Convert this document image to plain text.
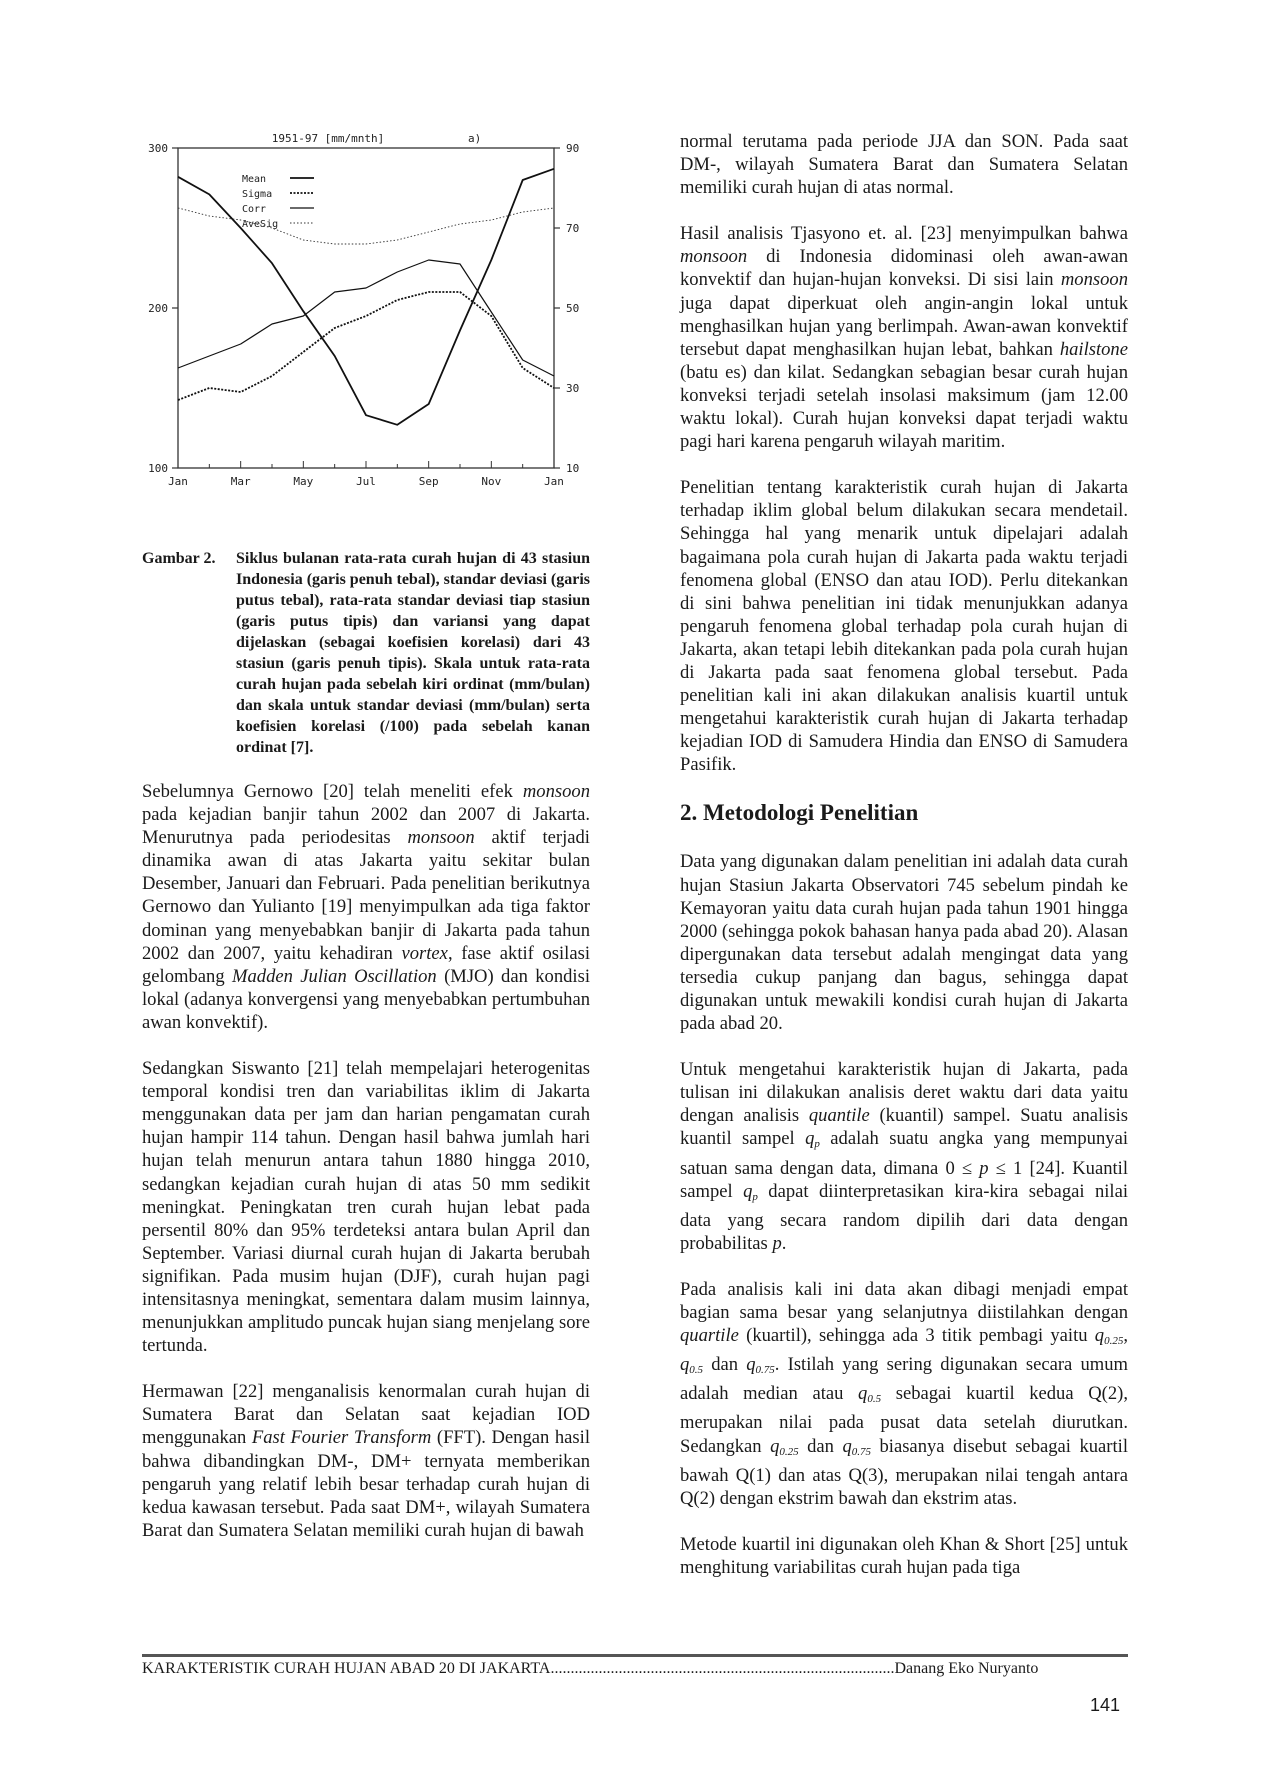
300
200
100
90
70
50
30
10
Jan	Mar	May	Jul	Sep	Nov	Jan
1951-97 [mm/mnth]	a)
Mean
Sigma
Corr
AveSig
Gambar 2.	Siklus bulanan rata-rata curah hujan di 43 stasiun Indonesia (garis penuh tebal), standar deviasi (garis putus tebal), rata-rata standar deviasi tiap stasiun (garis putus tipis) dan variansi yang dapat dijelaskan (sebagai koefisien korelasi) dari 43 stasiun (garis penuh tipis). Skala untuk rata-rata curah hujan pada sebelah kiri ordinat (mm/bulan) dan skala untuk standar deviasi (mm/bulan) serta koefisien korelasi (/100) pada sebelah kanan ordinat [7].

Sebelumnya Gernowo [20] telah meneliti efek monsoon pada kejadian banjir tahun 2002 dan 2007 di Jakarta. Menurutnya pada periodesitas monsoon aktif terjadi dinamika awan di atas Jakarta yaitu sekitar bulan Desember, Januari dan Februari. Pada penelitian berikutnya Gernowo dan Yulianto [19] menyimpulkan ada tiga faktor dominan yang menyebabkan banjir di Jakarta pada tahun 2002 dan 2007, yaitu kehadiran vortex, fase aktif osilasi gelombang Madden Julian Oscillation (MJO) dan kondisi lokal (adanya konvergensi yang menyebabkan pertumbuhan awan konvektif).

Sedangkan Siswanto [21] telah mempelajari heterogenitas temporal kondisi tren dan variabilitas iklim di Jakarta menggunakan data per jam dan harian pengamatan curah hujan hampir 114 tahun. Dengan hasil bahwa jumlah hari hujan telah menurun antara tahun 1880 hingga 2010, sedangkan kejadian curah hujan di atas 50 mm sedikit meningkat. Peningkatan tren curah hujan lebat pada persentil 80% dan 95% terdeteksi antara bulan April dan September. Variasi diurnal curah hujan di Jakarta berubah signifikan. Pada musim hujan (DJF), curah hujan pagi intensitasnya meningkat, sementara dalam musim lainnya, menunjukkan amplitudo puncak hujan siang menjelang sore tertunda.

Hermawan [22] menganalisis kenormalan curah hujan di Sumatera Barat dan Selatan saat kejadian IOD menggunakan Fast Fourier Transform (FFT). Dengan hasil bahwa dibandingkan DM-, DM+ ternyata memberikan pengaruh yang relatif lebih besar terhadap curah hujan di kedua kawasan tersebut. Pada saat DM+, wilayah Sumatera Barat dan Sumatera Selatan memiliki curah hujan di bawah

normal terutama pada periode JJA dan SON. Pada saat DM-, wilayah Sumatera Barat dan Sumatera Selatan memiliki curah hujan di atas normal.

Hasil analisis Tjasyono et. al. [23] menyimpulkan bahwa monsoon di Indonesia didominasi oleh awan-awan konvektif dan hujan-hujan konveksi. Di sisi lain monsoon juga dapat diperkuat oleh angin-angin lokal untuk menghasilkan hujan yang berlimpah. Awan-awan konvektif tersebut dapat menghasilkan hujan lebat, bahkan hailstone (batu es) dan kilat. Sedangkan sebagian besar curah hujan konveksi terjadi setelah insolasi maksimum (jam 12.00 waktu lokal). Curah hujan konveksi dapat terjadi waktu pagi hari karena pengaruh wilayah maritim.

Penelitian tentang karakteristik curah hujan di Jakarta terhadap iklim global belum dilakukan secara mendetail. Sehingga hal yang menarik untuk dipelajari adalah bagaimana pola curah hujan di Jakarta pada waktu terjadi fenomena global (ENSO dan atau IOD). Perlu ditekankan di sini bahwa penelitian ini tidak menunjukkan adanya pengaruh fenomena global terhadap pola curah hujan di Jakarta, akan tetapi lebih ditekankan pada pola curah hujan di Jakarta pada saat fenomena global tersebut. Pada penelitian kali ini akan dilakukan analisis kuartil untuk mengetahui karakteristik curah hujan di Jakarta terhadap kejadian IOD di Samudera Hindia dan ENSO di Samudera Pasifik.

2. Metodologi Penelitian

Data yang digunakan dalam penelitian ini adalah data curah hujan Stasiun Jakarta Observatori 745 sebelum pindah ke Kemayoran yaitu data curah hujan pada tahun 1901 hingga 2000 (sehingga pokok bahasan hanya pada abad 20). Alasan dipergunakan data tersebut adalah mengingat data yang tersedia cukup panjang dan bagus, sehingga dapat digunakan untuk mewakili kondisi curah hujan di Jakarta pada abad 20.

Untuk mengetahui karakteristik hujan di Jakarta, pada tulisan ini dilakukan analisis deret waktu dari data yaitu dengan analisis quantile (kuantil) sampel. Suatu analisis kuantil sampel $q_p$ adalah suatu angka yang mempunyai satuan sama dengan data, dimana 0 ≤ p ≤ 1 [24]. Kuantil sampel $q_p$ dapat diinterpretasikan kira-kira sebagai nilai data yang secara random dipilih dari data dengan probabilitas p.

Pada analisis kali ini data akan dibagi menjadi empat bagian sama besar yang selanjutnya diistilahkan dengan quartile (kuartil), sehingga ada 3 titik pembagi yaitu $q_{0.25}$, $q_{0.5}$ dan $q_{0.75}$. Istilah yang sering digunakan secara umum adalah median atau $q_{0.5}$ sebagai kuartil kedua Q(2), merupakan nilai pada pusat data setelah diurutkan. Sedangkan $q_{0.25}$ dan $q_{0.75}$ biasanya disebut sebagai kuartil bawah Q(1) dan atas Q(3), merupakan nilai tengah antara Q(2) dengan ekstrim bawah dan ekstrim atas.

Metode kuartil ini digunakan oleh Khan & Short [25] untuk menghitung variabilitas curah hujan pada tiga

KARAKTERISTIK CURAH HUJAN ABAD 20 DI JAKARTA......................................................................................Danang Eko Nuryanto
141
